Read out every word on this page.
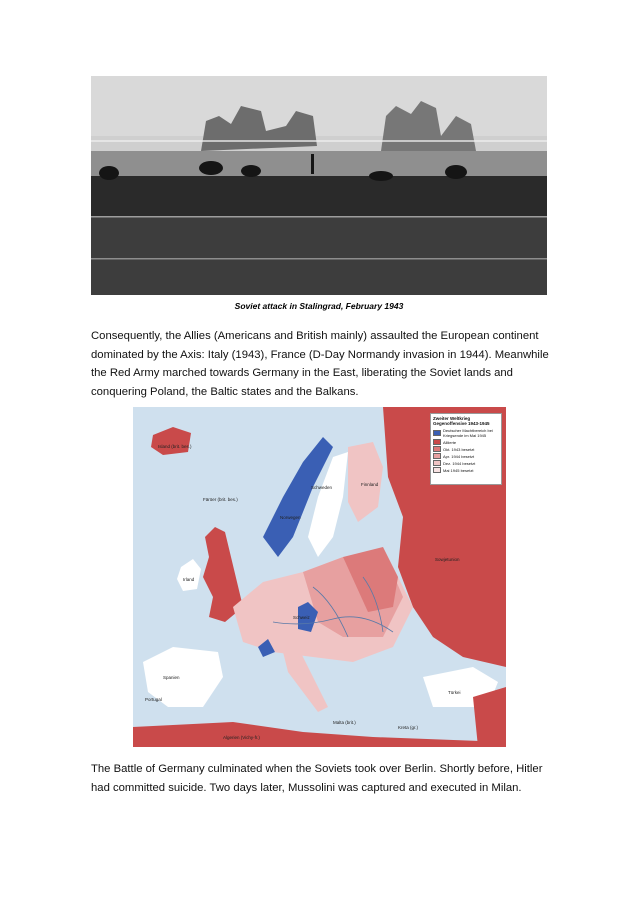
Soviet attack in Stalingrad, February 1943
Consequently, the Allies (Americans and British mainly) assaulted the European continent
dominated by the Axis: Italy (1943), France (D-Day Normandy invasion in 1944). Meanwhile
the Red Army marched towards Germany in the East, liberating the Soviet lands and
conquering Poland, the Baltic states and the Balkans.
Island (brit. bes.)
Färöer (brit. bes.)
Schweden
Norwegen
Finnland
Sowjetunion
Irland
Schweiz
Spanien
Portugal
Türkei
Algerien (Vichy-fr.)
Malta (brit.)
Kreta (gr.)
Zweiter Weltkrieg Gegenoffensive 1943-1945
Deutscher Machtbereich bei Kriegsende im Mai 1945
Alliierte
Okt. 1943 besetzt
Apr. 1944 besetzt
Dez. 1944 besetzt
Mai 1945 besetzt
The Battle of Germany culminated when the Soviets took over Berlin. Shortly before, Hitler
had committed suicide. Two days later, Mussolini was captured and executed in Milan.
